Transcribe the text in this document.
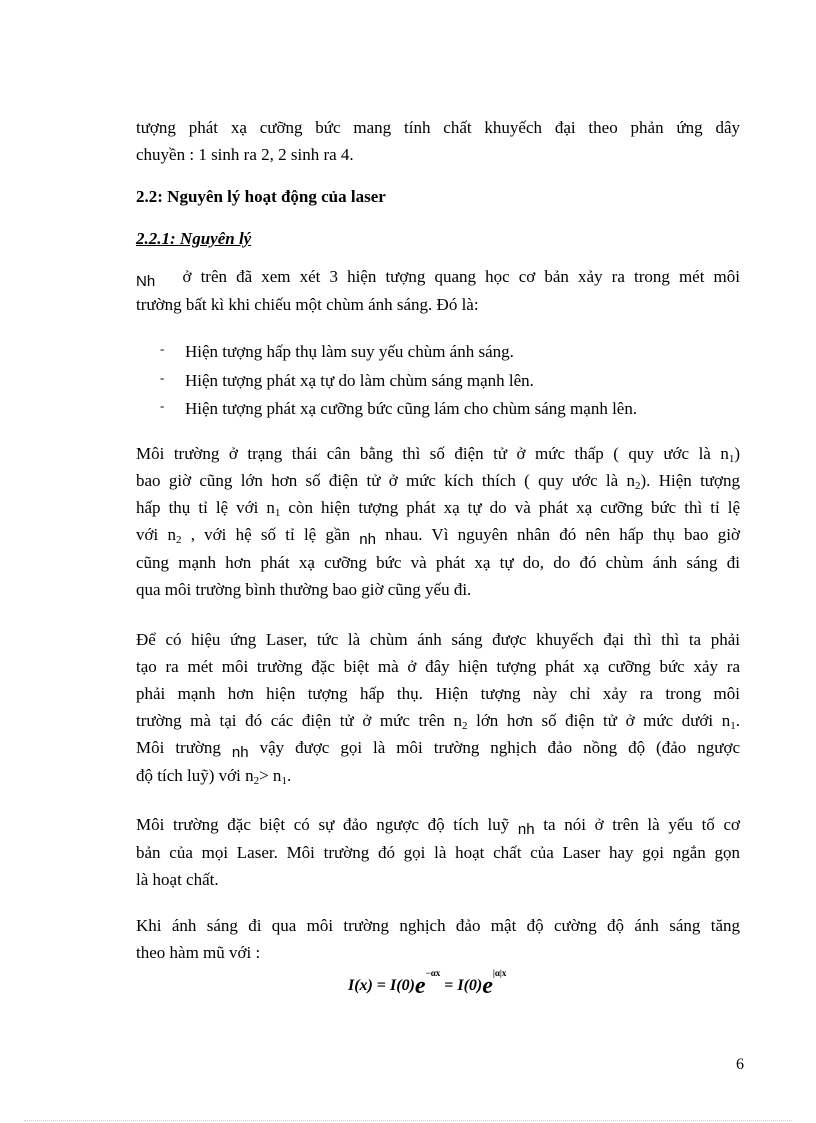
tượng phát xạ cưỡng bức mang tính chất khuyếch đại theo phản ứng dây
chuyền : 1 sinh ra 2, 2 sinh ra 4.

2.2: Nguyên lý hoạt động của laser

2.2.1: Nguyên lý

Nh ở trên đã xem xét 3 hiện tượng quang học cơ bản xảy ra trong mét môi
trường bất kì khi chiếu một chùm ánh sáng. Đó là:

- Hiện tượng hấp thụ làm suy yếu chùm ánh sáng.
- Hiện tượng phát xạ tự do làm chùm sáng mạnh lên.
- Hiện tượng phát xạ cưỡng bức cũng lám cho chùm sáng mạnh lên.

Môi trường ở trạng thái cân bằng thì số điện tử ở mức thấp ( quy ước là $n_1$)
bao giờ cũng lớn hơn số điện tử ở mức kích thích ( quy ước là $n_2$). Hiện tượng
hấp thụ tỉ lệ với $n_1$ còn hiện tượng phát xạ tự do và phát xạ cưỡng bức thì tỉ lệ
với $n_2$ , với hệ số tỉ lệ gần nh nhau. Vì nguyên nhân đó nên hấp thụ bao giờ
cũng mạnh hơn phát xạ cưỡng bức và phát xạ tự do, do đó chùm ánh sáng đi
qua môi trường bình thường bao giờ cũng yếu đi.

Để có hiệu ứng Laser, tức là chùm ánh sáng được khuyếch đại thì thì ta phải
tạo ra mét môi trường đặc biệt mà ở đây hiện tượng phát xạ cưỡng bức xảy ra
phải mạnh hơn hiện tượng hấp thụ. Hiện tượng này chỉ xảy ra trong môi
trường mà tại đó các điện tử ở mức trên $n_2$ lớn hơn số điện tử ở mức dưới $n_1$.
Môi trường nh vậy được gọi là môi trường nghịch đảo nồng độ (đảo ngược
độ tích luỹ) với $n_2> n_1$.

Môi trường đặc biệt có sự đảo ngược độ tích luỹ nh ta nói ở trên là yếu tố cơ
bản của mọi Laser. Môi trường đó gọi là hoạt chất của Laser hay gọi ngắn gọn
là hoạt chất.

Khi ánh sáng đi qua môi trường nghịch đảo mật độ cường độ ánh sáng tăng
theo hàm mũ với :

$I(x) = I(0)e^{-\alpha x} = I(0)e^{|\alpha|x}$
6
